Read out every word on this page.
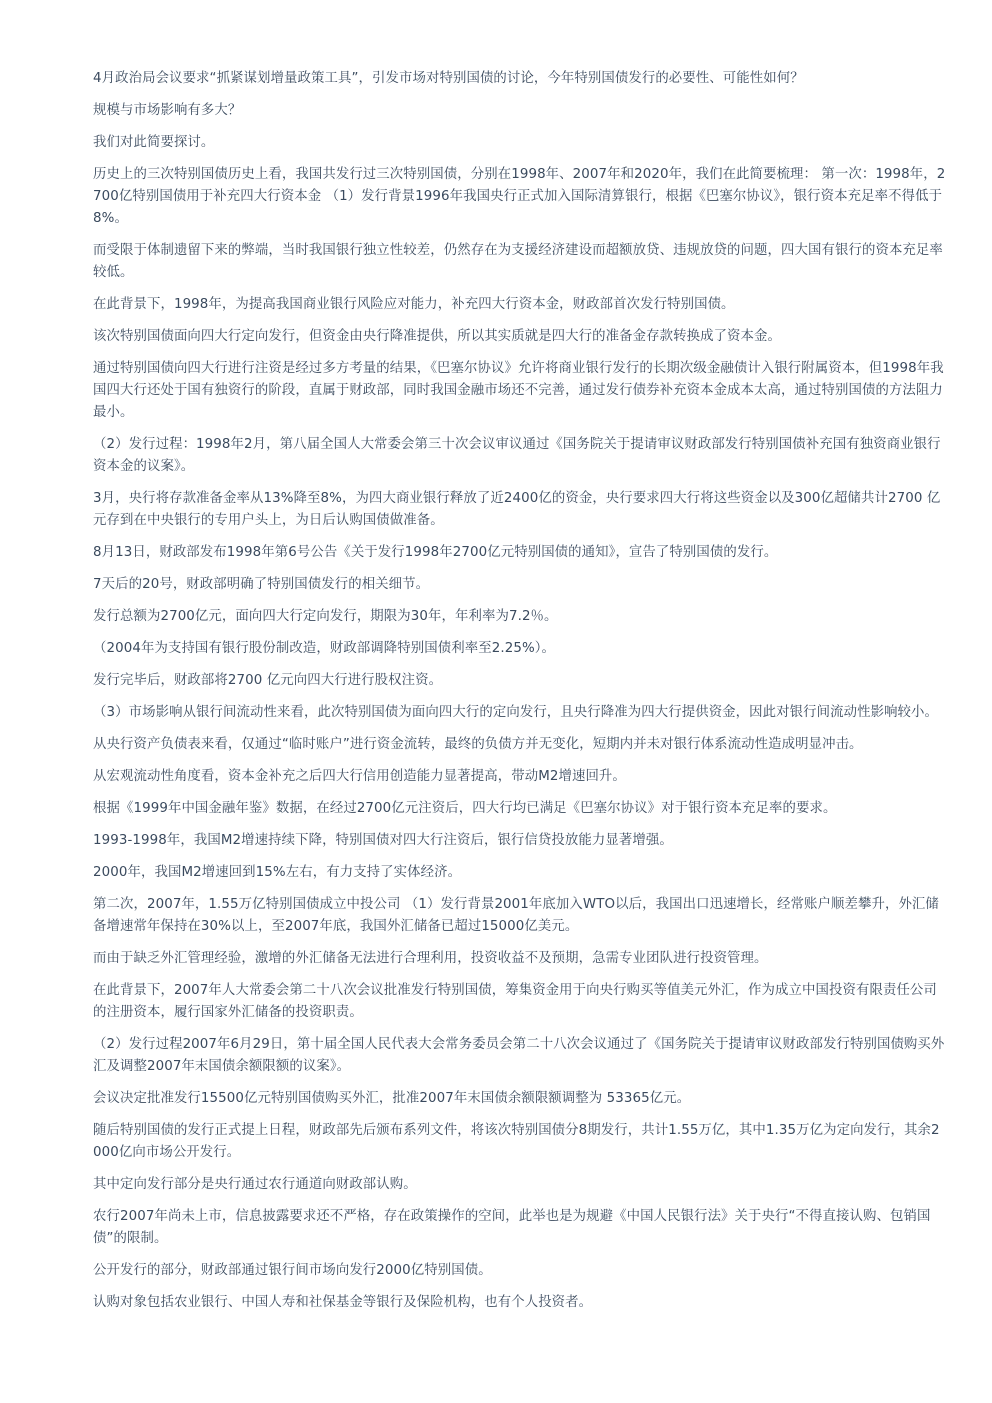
4月政治局会议要求“抓紧谋划增量政策工具”，引发市场对特别国债的讨论，今年特别国债发行的必要性、可能性如何？

规模与市场影响有多大？

我们对此简要探讨。

历史上的三次特别国债历史上看，我国共发行过三次特别国债，分别在1998年、2007年和2020年，我们在此简要梳理： 第一次：1998年，2700亿特别国债用于补充四大行资本金 （1）发行背景1996年我国央行正式加入国际清算银行，根据《巴塞尔协议》，银行资本充足率不得低于8%。

而受限于体制遗留下来的弊端，当时我国银行独立性较差，仍然存在为支援经济建设而超额放贷、违规放贷的问题，四大国有银行的资本充足率较低。

在此背景下，1998年，为提高我国商业银行风险应对能力，补充四大行资本金，财政部首次发行特别国债。

该次特别国债面向四大行定向发行，但资金由央行降准提供，所以其实质就是四大行的准备金存款转换成了资本金。

通过特别国债向四大行进行注资是经过多方考量的结果，《巴塞尔协议》允许将商业银行发行的长期次级金融债计入银行附属资本，但1998年我国四大行还处于国有独资行的阶段，直属于财政部，同时我国金融市场还不完善，通过发行债券补充资本金成本太高，通过特别国债的方法阻力最小。

（2）发行过程：1998年2月，第八届全国人大常委会第三十次会议审议通过《国务院关于提请审议财政部发行特别国债补充国有独资商业银行资本金的议案》。

3月，央行将存款准备金率从13%降至8%，为四大商业银行释放了近2400亿的资金，央行要求四大行将这些资金以及300亿超储共计2700 亿元存到在中央银行的专用户头上，为日后认购国债做准备。

8月13日，财政部发布1998年第6号公告《关于发行1998年2700亿元特别国债的通知》，宣告了特别国债的发行。

7天后的20号，财政部明确了特别国债发行的相关细节。

发行总额为2700亿元，面向四大行定向发行，期限为30年，年利率为7.2％。

（2004年为支持国有银行股份制改造，财政部调降特别国债利率至2.25%）。

发行完毕后，财政部将2700 亿元向四大行进行股权注资。

（3）市场影响从银行间流动性来看，此次特别国债为面向四大行的定向发行，且央行降准为四大行提供资金，因此对银行间流动性影响较小。

从央行资产负债表来看，仅通过“临时账户”进行资金流转，最终的负债方并无变化，短期内并未对银行体系流动性造成明显冲击。

从宏观流动性角度看，资本金补充之后四大行信用创造能力显著提高，带动M2增速回升。

根据《1999年中国金融年鉴》数据，在经过2700亿元注资后，四大行均已满足《巴塞尔协议》对于银行资本充足率的要求。

1993-1998年，我国M2增速持续下降，特别国债对四大行注资后，银行信贷投放能力显著增强。

2000年，我国M2增速回到15%左右，有力支持了实体经济。

第二次，2007年，1.55万亿特别国债成立中投公司 （1）发行背景2001年底加入WTO以后，我国出口迅速增长，经常账户顺差攀升，外汇储备增速常年保持在30%以上，至2007年底，我国外汇储备已超过15000亿美元。

而由于缺乏外汇管理经验，激增的外汇储备无法进行合理利用，投资收益不及预期，急需专业团队进行投资管理。

在此背景下，2007年人大常委会第二十八次会议批准发行特别国债，筹集资金用于向央行购买等值美元外汇，作为成立中国投资有限责任公司的注册资本，履行国家外汇储备的投资职责。

（2）发行过程2007年6月29日，第十届全国人民代表大会常务委员会第二十八次会议通过了《国务院关于提请审议财政部发行特别国债购买外汇及调整2007年末国债余额限额的议案》。

会议决定批准发行15500亿元特别国债购买外汇，批准2007年末国债余额限额调整为 53365亿元。

随后特别国债的发行正式提上日程，财政部先后颁布系列文件，将该次特别国债分8期发行，共计1.55万亿，其中1.35万亿为定向发行，其余2000亿向市场公开发行。

其中定向发行部分是央行通过农行通道向财政部认购。

农行2007年尚未上市，信息披露要求还不严格，存在政策操作的空间，此举也是为规避《中国人民银行法》关于央行“不得直接认购、包销国债”的限制。

公开发行的部分，财政部通过银行间市场向发行2000亿特别国债。

认购对象包括农业银行、中国人寿和社保基金等银行及保险机构，也有个人投资者。
